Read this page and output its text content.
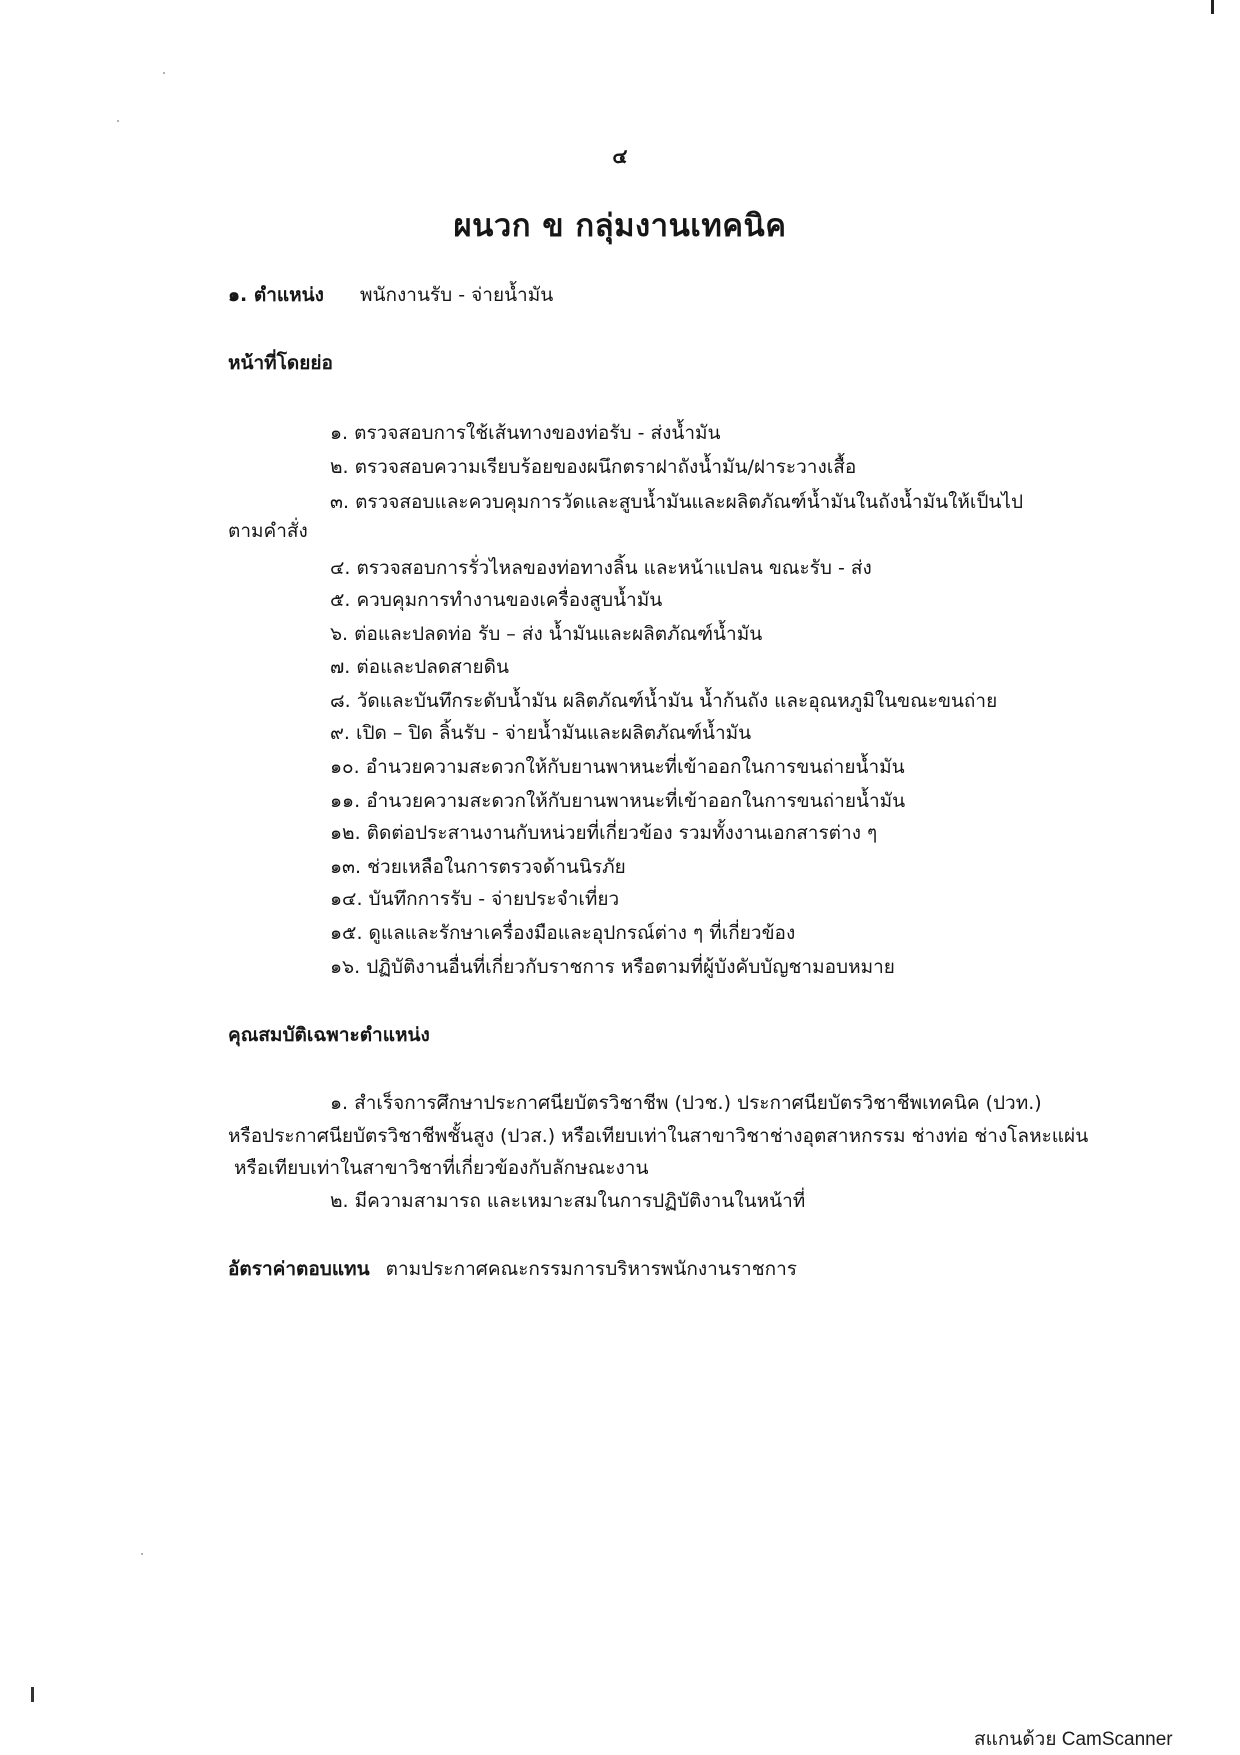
๔
ผนวก ข กลุ่มงานเทคนิค
๑. ตำแหน่ง พนักงานรับ - จ่ายน้ำมัน
หน้าที่โดยย่อ
๑. ตรวจสอบการใช้เส้นทางของท่อรับ - ส่งน้ำมัน
๒. ตรวจสอบความเรียบร้อยของผนึกตราฝาถังน้ำมัน/ฝาระวางเสื้อ
๓. ตรวจสอบและควบคุมการวัดและสูบน้ำมันและผลิตภัณฑ์น้ำมันในถังน้ำมันให้เป็นไป
ตามคำสั่ง
๔. ตรวจสอบการรั่วไหลของท่อทางลิ้น และหน้าแปลน ขณะรับ - ส่ง
๕. ควบคุมการทำงานของเครื่องสูบน้ำมัน
๖. ต่อและปลดท่อ รับ – ส่ง น้ำมันและผลิตภัณฑ์น้ำมัน
๗. ต่อและปลดสายดิน
๘. วัดและบันทึกระดับน้ำมัน ผลิตภัณฑ์น้ำมัน น้ำก้นถัง และอุณหภูมิในขณะขนถ่าย
๙. เปิด – ปิด ลิ้นรับ - จ่ายน้ำมันและผลิตภัณฑ์น้ำมัน
๑๐. อำนวยความสะดวกให้กับยานพาหนะที่เข้าออกในการขนถ่ายน้ำมัน
๑๑. อำนวยความสะดวกให้กับยานพาหนะที่เข้าออกในการขนถ่ายน้ำมัน
๑๒. ติดต่อประสานงานกับหน่วยที่เกี่ยวข้อง รวมทั้งงานเอกสารต่าง ๆ
๑๓. ช่วยเหลือในการตรวจด้านนิรภัย
๑๔. บันทึกการรับ - จ่ายประจำเที่ยว
๑๕. ดูแลและรักษาเครื่องมือและอุปกรณ์ต่าง ๆ ที่เกี่ยวข้อง
๑๖. ปฏิบัติงานอื่นที่เกี่ยวกับราชการ หรือตามที่ผู้บังคับบัญชามอบหมาย
คุณสมบัติเฉพาะตำแหน่ง
๑. สำเร็จการศึกษาประกาศนียบัตรวิชาชีพ (ปวช.) ประกาศนียบัตรวิชาชีพเทคนิค (ปวท.)
หรือประกาศนียบัตรวิชาชีพชั้นสูง (ปวส.) หรือเทียบเท่าในสาขาวิชาช่างอุตสาหกรรม ช่างท่อ ช่างโลหะแผ่น
หรือเทียบเท่าในสาขาวิชาที่เกี่ยวข้องกับลักษณะงาน
๒. มีความสามารถ และเหมาะสมในการปฏิบัติงานในหน้าที่
อัตราค่าตอบแทน ตามประกาศคณะกรรมการบริหารพนักงานราชการ
สแกนด้วย CamScanner
